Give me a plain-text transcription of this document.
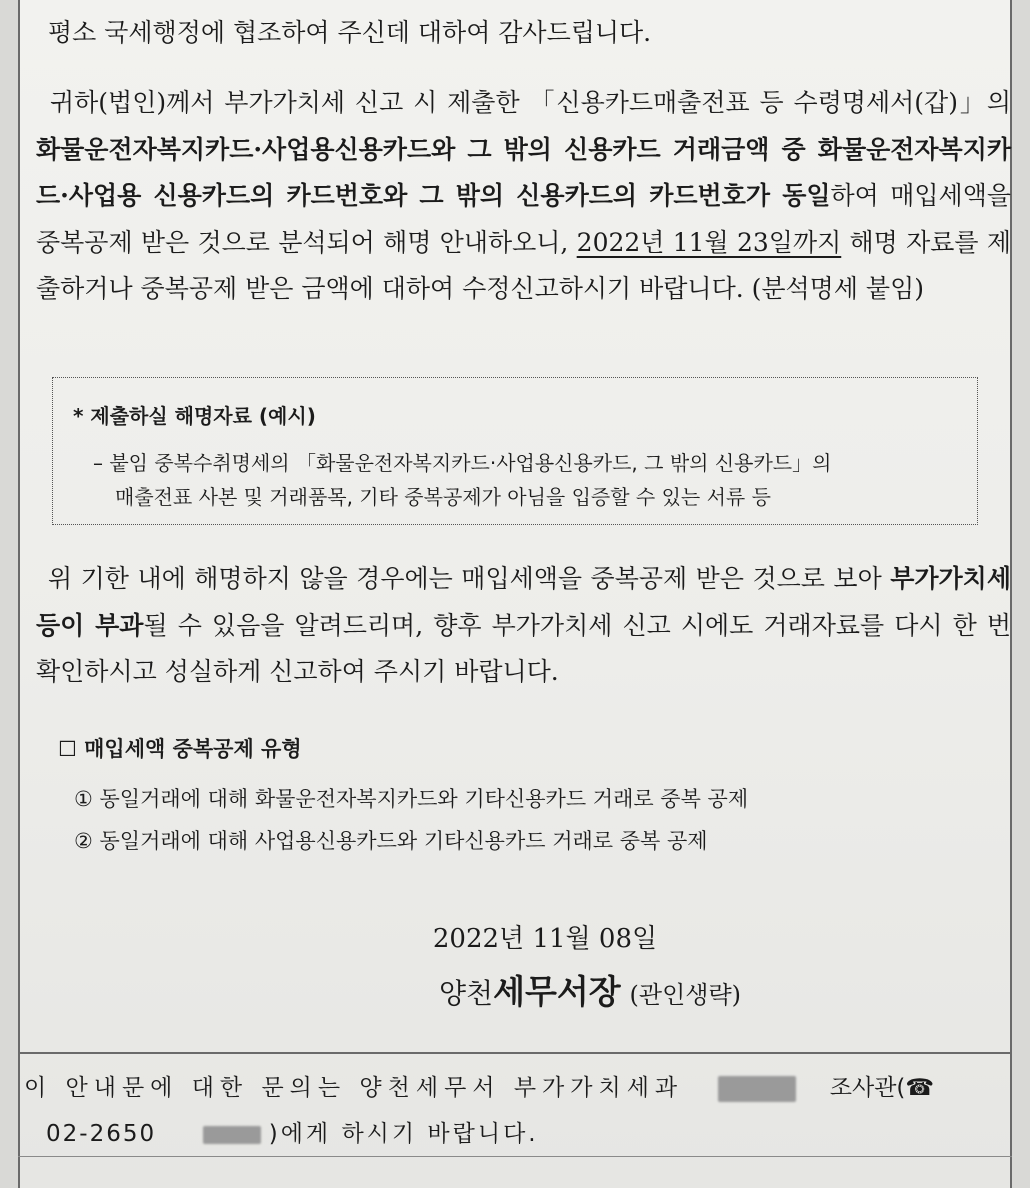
평소 국세행정에 협조하여 주신데 대하여 감사드립니다.
귀하(법인)께서 부가가치세 신고 시 제출한 「신용카드매출전표 등 수령명세서(갑)」의 화물운전자복지카드·사업용신용카드와 그 밖의 신용카드 거래금액 중 화물운전자복지카드·사업용 신용카드의 카드번호와 그 밖의 신용카드의 카드번호가 동일하여 매입세액을 중복공제 받은 것으로 분석되어 해명 안내하오니, 2022년 11월 23일까지 해명 자료를 제출하거나 중복공제 받은 금액에 대하여 수정신고하시기 바랍니다. (분석명세 붙임)
* 제출하실 해명자료 (예시)
– 붙임 중복수취명세의 「화물운전자복지카드·사업용신용카드, 그 밖의 신용카드」의
매출전표 사본 및 거래품목, 기타 중복공제가 아님을 입증할 수 있는 서류 등
위 기한 내에 해명하지 않을 경우에는 매입세액을 중복공제 받은 것으로 보아 부가가치세 등이 부과될 수 있음을 알려드리며, 향후 부가가치세 신고 시에도 거래자료를 다시 한 번 확인하시고 성실하게 신고하여 주시기 바랍니다.
☐ 매입세액 중복공제 유형
① 동일거래에 대해 화물운전자복지카드와 기타신용카드 거래로 중복 공제
② 동일거래에 대해 사업용신용카드와 기타신용카드 거래로 중복 공제
2022년 11월 08일
양천세무서장 (관인생략)
이 안내문에 대한 문의는 양천세무서 부가가치세과	조사관(☎
02-2650	)에게 하시기 바랍니다.
